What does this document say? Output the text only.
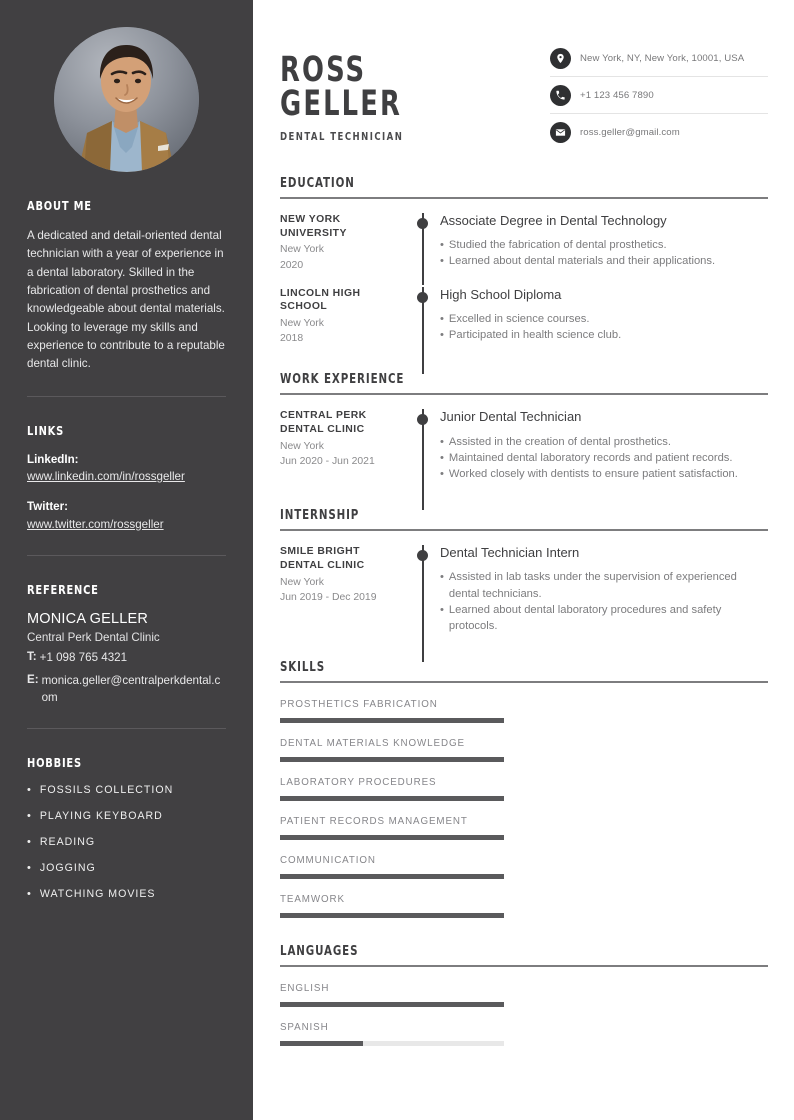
ABOUT ME

A dedicated and detail-oriented dental technician with a year of experience in a dental laboratory. Skilled in the fabrication of dental prosthetics and knowledgeable about dental materials. Looking to leverage my skills and experience to contribute to a reputable dental clinic.

LINKS
LinkedIn:
www.linkedin.com/in/rossgeller
Twitter:
www.twitter.com/rossgeller
REFERENCE
MONICA GELLER
Central Perk Dental Clinic
T: +1 098 765 4321
E: monica.geller@centralperkdental.com
HOBBIES
• FOSSILS COLLECTION
• PLAYING KEYBOARD
• READING
• JOGGING
• WATCHING MOVIES
ROSS
GELLER
DENTAL TECHNICIAN
New York, NY, New York, 10001, USA
+1 123 456 7890
ross.geller@gmail.com
EDUCATION
NEW YORK UNIVERSITY
New York
2020
Associate Degree in Dental Technology
• Studied the fabrication of dental prosthetics.
• Learned about dental materials and their applications.
LINCOLN HIGH SCHOOL
New York
2018
High School Diploma
• Excelled in science courses.
• Participated in health science club.
WORK EXPERIENCE
CENTRAL PERK DENTAL CLINIC
New York
Jun 2020 - Jun 2021
Junior Dental Technician
• Assisted in the creation of dental prosthetics.
• Maintained dental laboratory records and patient records.
• Worked closely with dentists to ensure patient satisfaction.
INTERNSHIP
SMILE BRIGHT DENTAL CLINIC
New York
Jun 2019 - Dec 2019
Dental Technician Intern
• Assisted in lab tasks under the supervision of experienced dental technicians.
• Learned about dental laboratory procedures and safety protocols.
SKILLS
PROSTHETICS FABRICATION
DENTAL MATERIALS KNOWLEDGE
LABORATORY PROCEDURES
PATIENT RECORDS MANAGEMENT
COMMUNICATION
TEAMWORK
LANGUAGES
ENGLISH
SPANISH
